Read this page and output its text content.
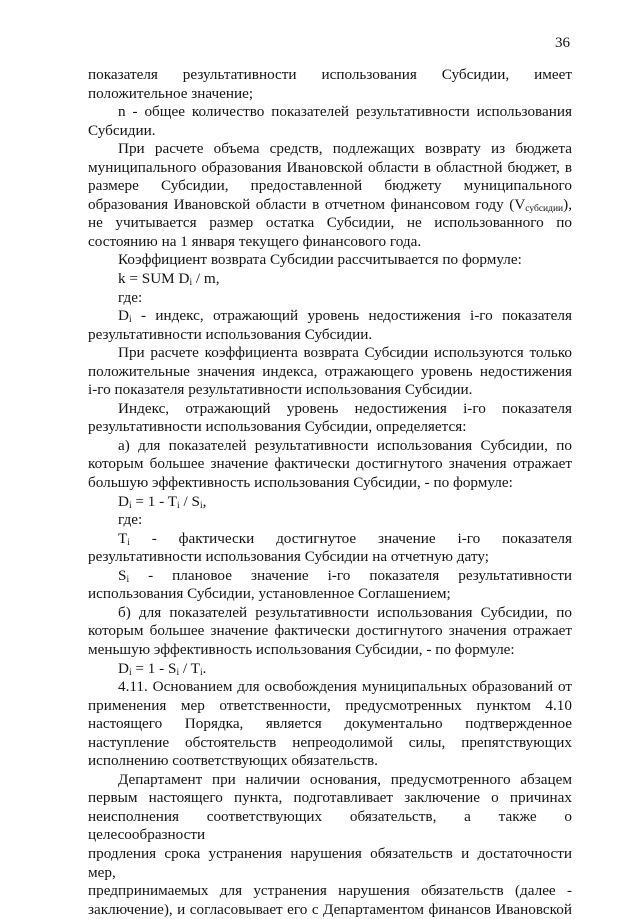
36

показателя результативности использования Субсидии, имеет

положительное значение;

n - общее количество показателей результативности использования

Субсидии.

При расчете объема средств, подлежащих возврату из бюджета

муниципального образования Ивановской области в областной бюджет, в

размере Субсидии, предоставленной бюджету муниципального

образования Ивановской области в отчетном финансовом году $(V_{субсидии})$,

не учитывается размер остатка Субсидии, не использованного по

состоянию на 1 января текущего финансового года.

Коэффициент возврата Субсидии рассчитывается по формуле:

k = SUM $D_i$ / m,

где:

$D_i$ - индекс, отражающий уровень недостижения i-го показателя

результативности использования Субсидии.

При расчете коэффициента возврата Субсидии используются только

положительные значения индекса, отражающего уровень недостижения

i-го показателя результативности использования Субсидии.

Индекс, отражающий уровень недостижения i-го показателя

результативности использования Субсидии, определяется:

а) для показателей результативности использования Субсидии, по

которым большее значение фактически достигнутого значения отражает

большую эффективность использования Субсидии, - по формуле:

$D_i = 1 - T_i / S_i$,

где:

$T_i$ - фактически достигнутое значение i-го показателя

результативности использования Субсидии на отчетную дату;

$S_i$ - плановое значение i-го показателя результативности

использования Субсидии, установленное Соглашением;

б) для показателей результативности использования Субсидии, по

которым большее значение фактически достигнутого значения отражает

меньшую эффективность использования Субсидии, - по формуле:

$D_i = 1 - S_i / T_i$.

4.11. Основанием для освобождения муниципальных образований от

применения мер ответственности, предусмотренных пунктом 4.10

настоящего Порядка, является документально подтвержденное

наступление обстоятельств непреодолимой силы, препятствующих

исполнению соответствующих обязательств.

Департамент при наличии основания, предусмотренного абзацем

первым настоящего пункта, подготавливает заключение о причинах

неисполнения соответствующих обязательств, а также о целесообразности

продления срока устранения нарушения обязательств и достаточности мер,

предпринимаемых для устранения нарушения обязательств (далее -

заключение), и согласовывает его с Департаментом финансов Ивановской
